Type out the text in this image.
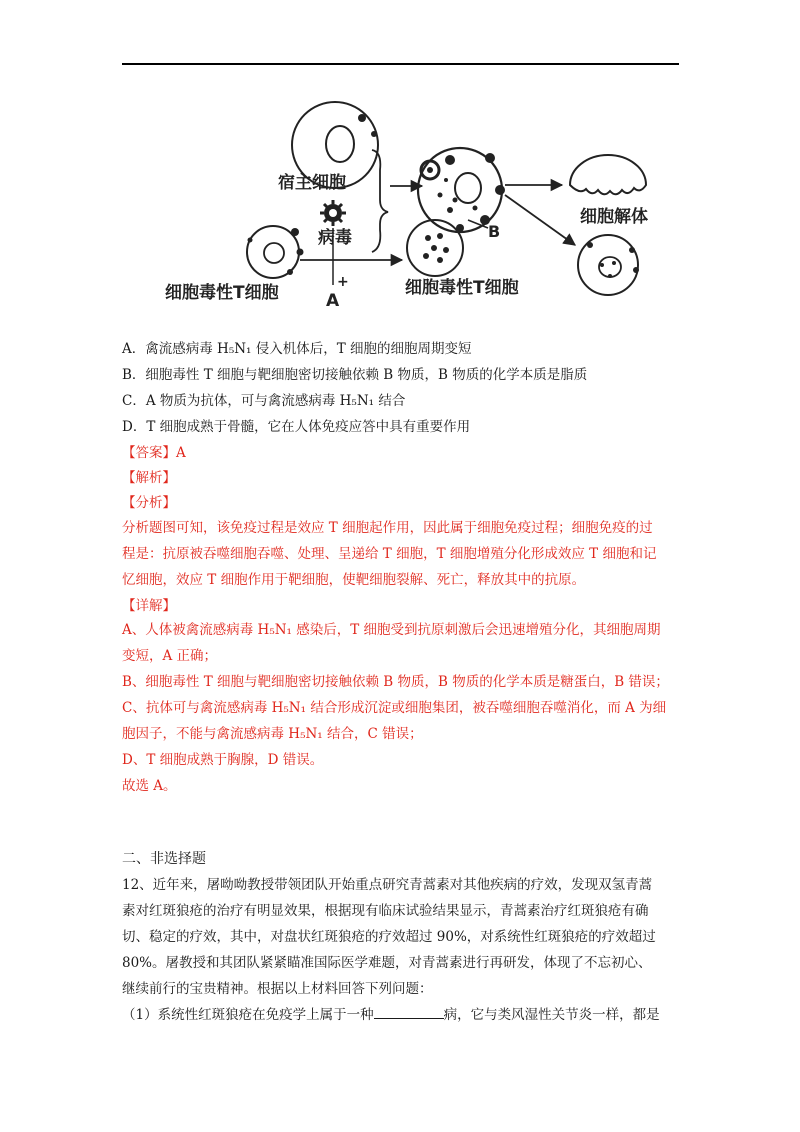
宿主细胞
病毒
细胞毒性T细胞	细胞毒性T细胞
细胞解体
B
+
A
A．禽流感病毒 H₅N₁ 侵入机体后，T 细胞的细胞周期变短
B．细胞毒性 T 细胞与靶细胞密切接触依赖 B 物质，B 物质的化学本质是脂质
C．A 物质为抗体，可与禽流感病毒 H₅N₁ 结合
D．T 细胞成熟于骨髓，它在人体免疫应答中具有重要作用
【答案】A
【解析】
【分析】
分析题图可知，该免疫过程是效应 T 细胞起作用，因此属于细胞免疫过程；细胞免疫的过
程是：抗原被吞噬细胞吞噬、处理、呈递给 T 细胞，T 细胞增殖分化形成效应 T 细胞和记
忆细胞，效应 T 细胞作用于靶细胞，使靶细胞裂解、死亡，释放其中的抗原。
【详解】
A、人体被禽流感病毒 H₅N₁ 感染后，T 细胞受到抗原刺激后会迅速增殖分化，其细胞周期
变短，A 正确；
B、细胞毒性 T 细胞与靶细胞密切接触依赖 B 物质，B 物质的化学本质是糖蛋白，B 错误；
C、抗体可与禽流感病毒 H₅N₁ 结合形成沉淀或细胞集团，被吞噬细胞吞噬消化，而 A 为细
胞因子，不能与禽流感病毒 H₅N₁ 结合，C 错误；
D、T 细胞成熟于胸腺，D 错误。
故选 A。
二、非选择题
12、近年来，屠呦呦教授带领团队开始重点研究青蒿素对其他疾病的疗效，发现双氢青蒿
素对红斑狼疮的治疗有明显效果，根据现有临床试验结果显示，青蒿素治疗红斑狼疮有确
切、稳定的疗效，其中，对盘状红斑狼疮的疗效超过 90%，对系统性红斑狼疮的疗效超过
80%。屠教授和其团队紧紧瞄准国际医学难题，对青蒿素进行再研发，体现了不忘初心、
继续前行的宝贵精神。根据以上材料回答下列问题：
（1）系统性红斑狼疮在免疫学上属于一种	病，它与类风湿性关节炎一样，都是
